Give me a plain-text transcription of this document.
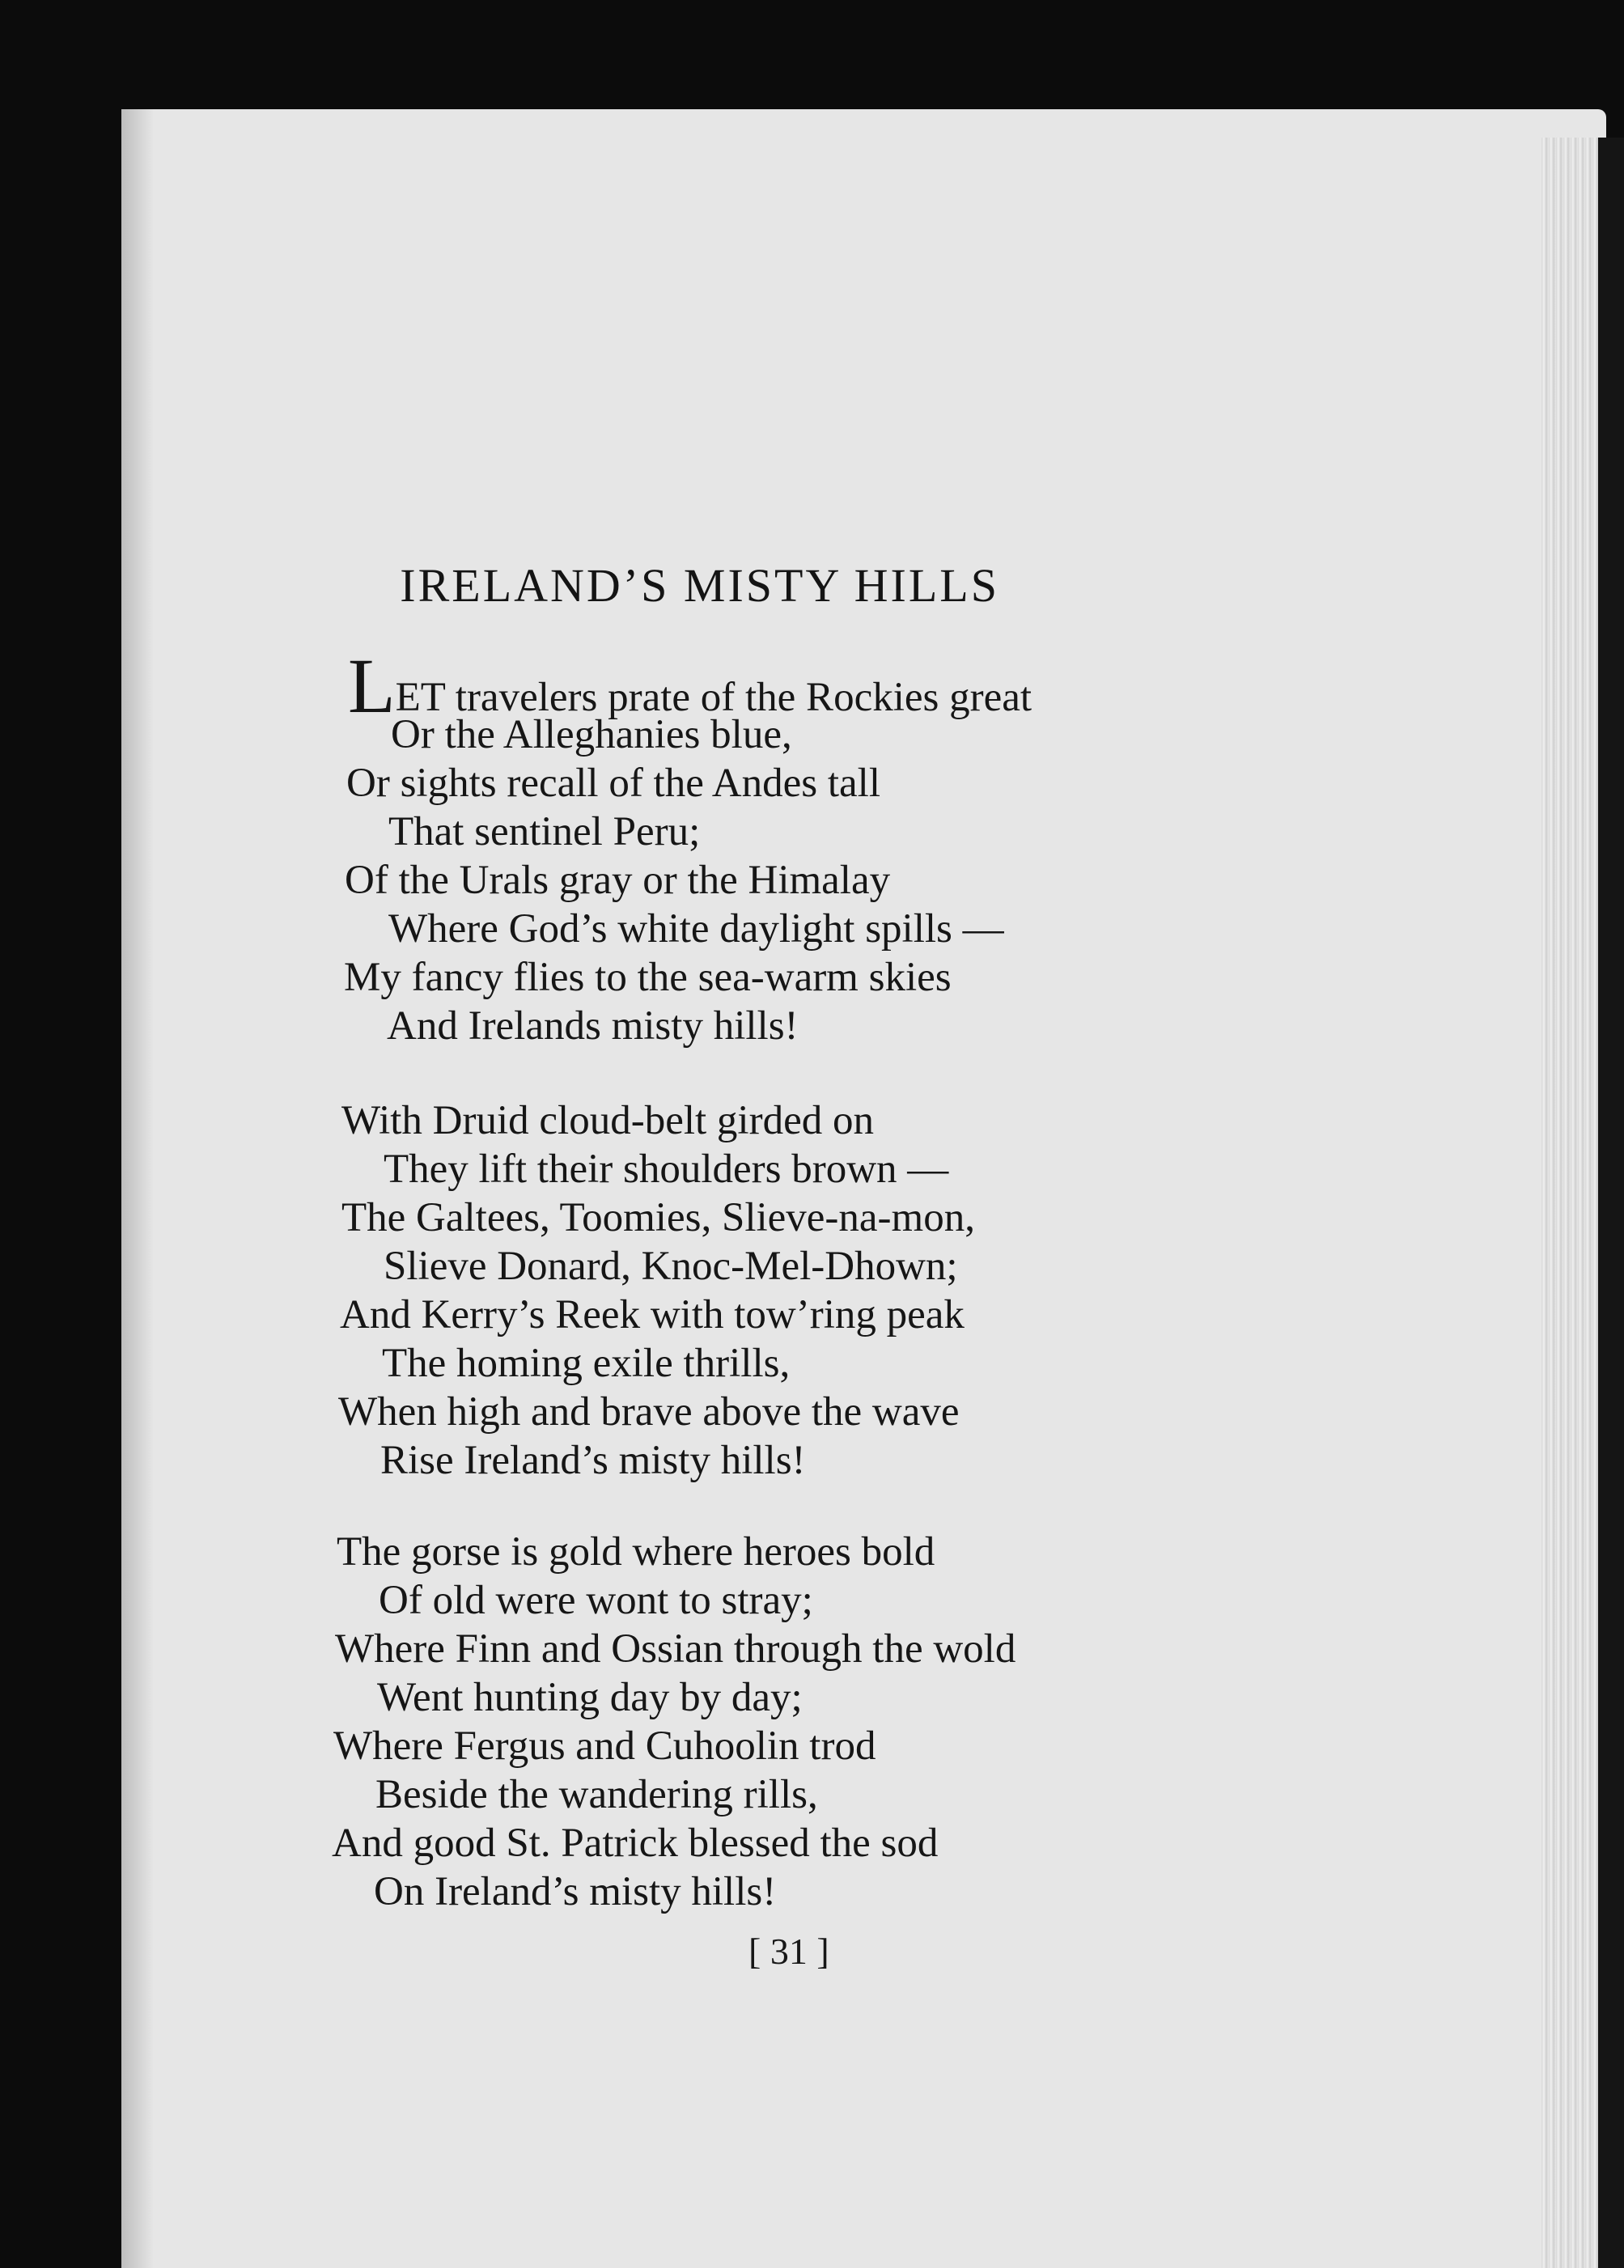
IRELAND’S MISTY HILLS
LET travelers prate of the Rockies great
Or the Alleghanies blue,
Or sights recall of the Andes tall
That sentinel Peru;
Of the Urals gray or the Himalay
Where God’s white daylight spills —
My fancy flies to the sea-warm skies
And Irelands misty hills!
With Druid cloud-belt girded on
They lift their shoulders brown —
The Galtees, Toomies, Slieve-na-mon,
Slieve Donard, Knoc-Mel-Dhown;
And Kerry’s Reek with tow’ring peak
The homing exile thrills,
When high and brave above the wave
Rise Ireland’s misty hills!
The gorse is gold where heroes bold
Of old were wont to stray;
Where Finn and Ossian through the wold
Went hunting day by day;
Where Fergus and Cuhoolin trod
Beside the wandering rills,
And good St. Patrick blessed the sod
On Ireland’s misty hills!
[ 31 ]
